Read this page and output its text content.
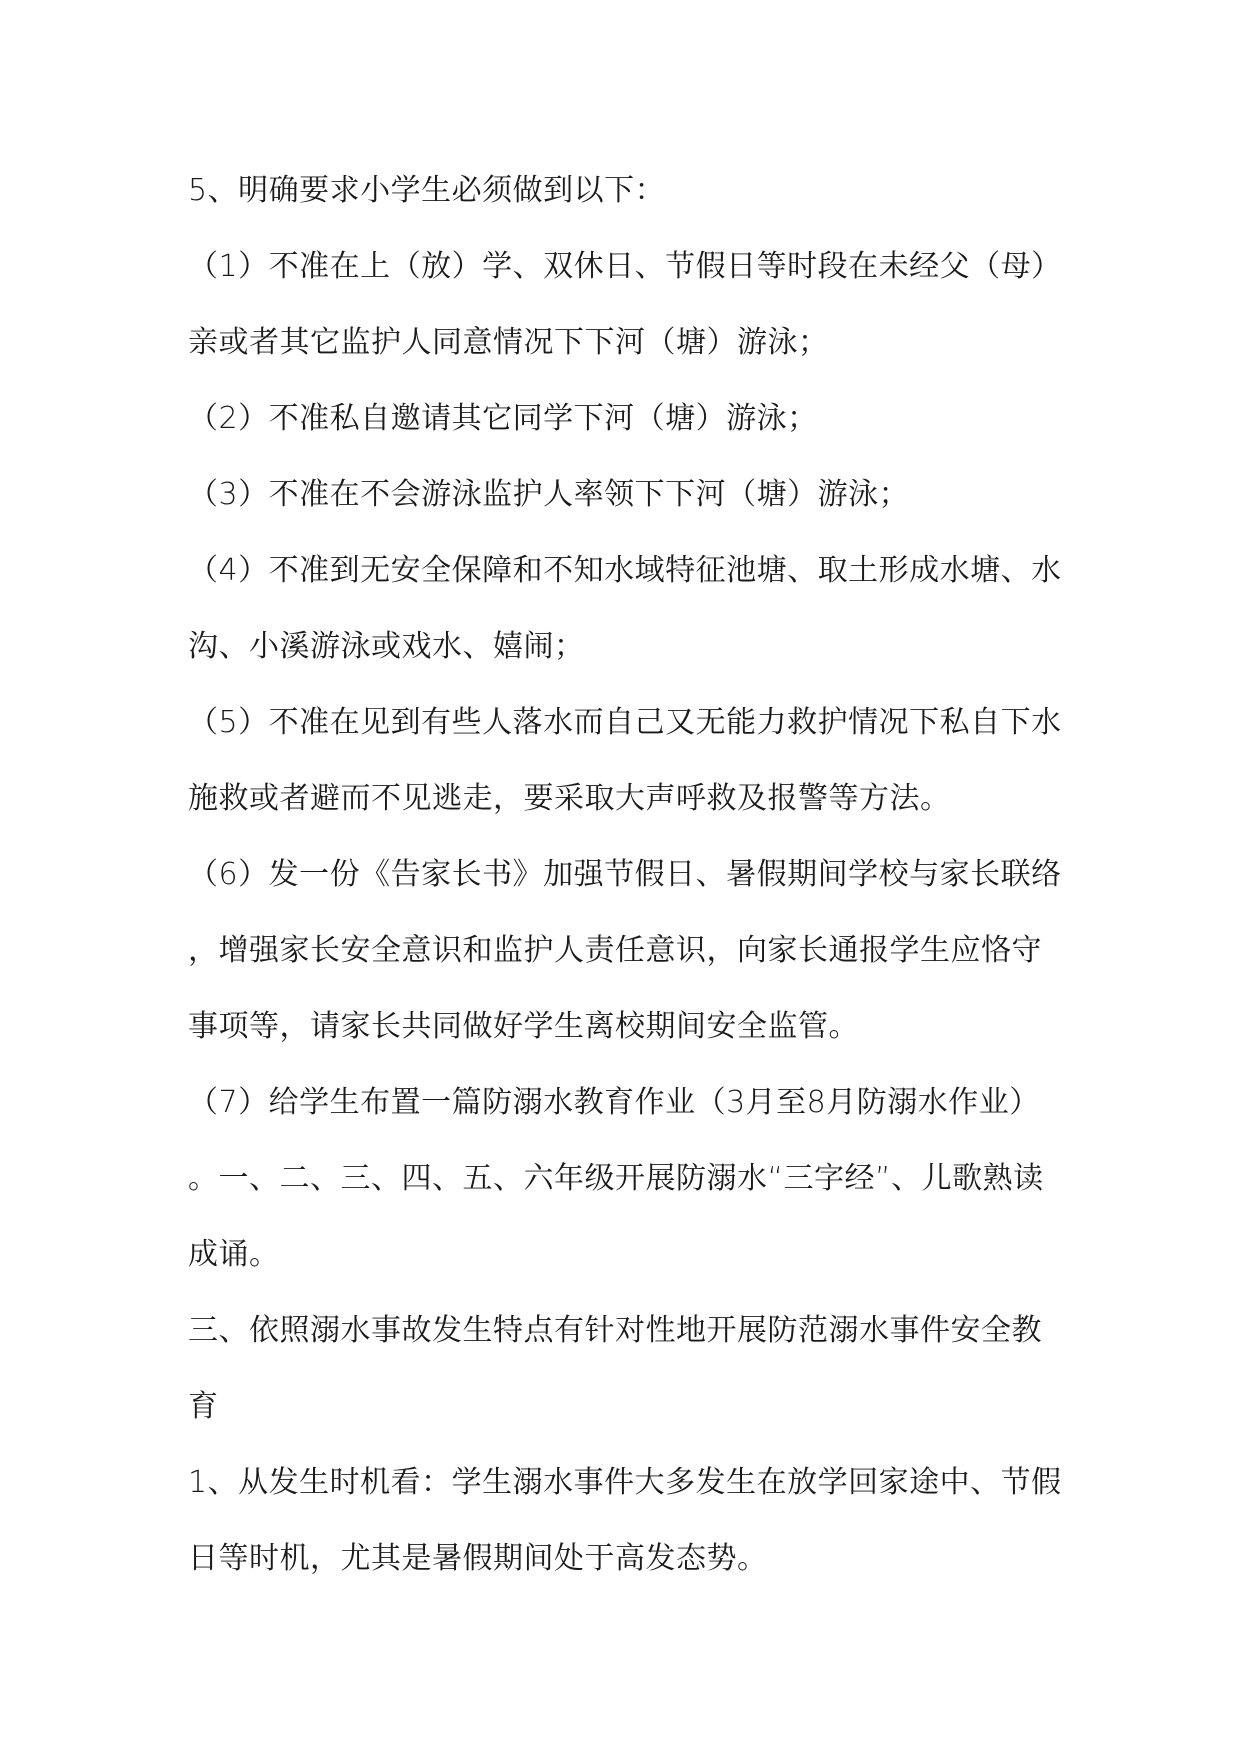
5、明确要求小学生必须做到以下：
（1）不准在上（放）学、双休日、节假日等时段在未经父（母）
亲或者其它监护人同意情况下下河（塘）游泳；
（2）不准私自邀请其它同学下河（塘）游泳；
（3）不准在不会游泳监护人率领下下河（塘）游泳；
（4）不准到无安全保障和不知水域特征池塘、取土形成水塘、水
沟、小溪游泳或戏水、嬉闹；
（5）不准在见到有些人落水而自己又无能力救护情况下私自下水
施救或者避而不见逃走，要采取大声呼救及报警等方法。
（6）发一份《告家长书》加强节假日、暑假期间学校与家长联络
，增强家长安全意识和监护人责任意识，向家长通报学生应恪守
事项等，请家长共同做好学生离校期间安全监管。
（7）给学生布置一篇防溺水教育作业（3月至8月防溺水作业）
。一、二、三、四、五、六年级开展防溺水“三字经”、儿歌熟读
成诵。
三、依照溺水事故发生特点有针对性地开展防范溺水事件安全教
育
1、从发生时机看：学生溺水事件大多发生在放学回家途中、节假
日等时机，尤其是暑假期间处于高发态势。
